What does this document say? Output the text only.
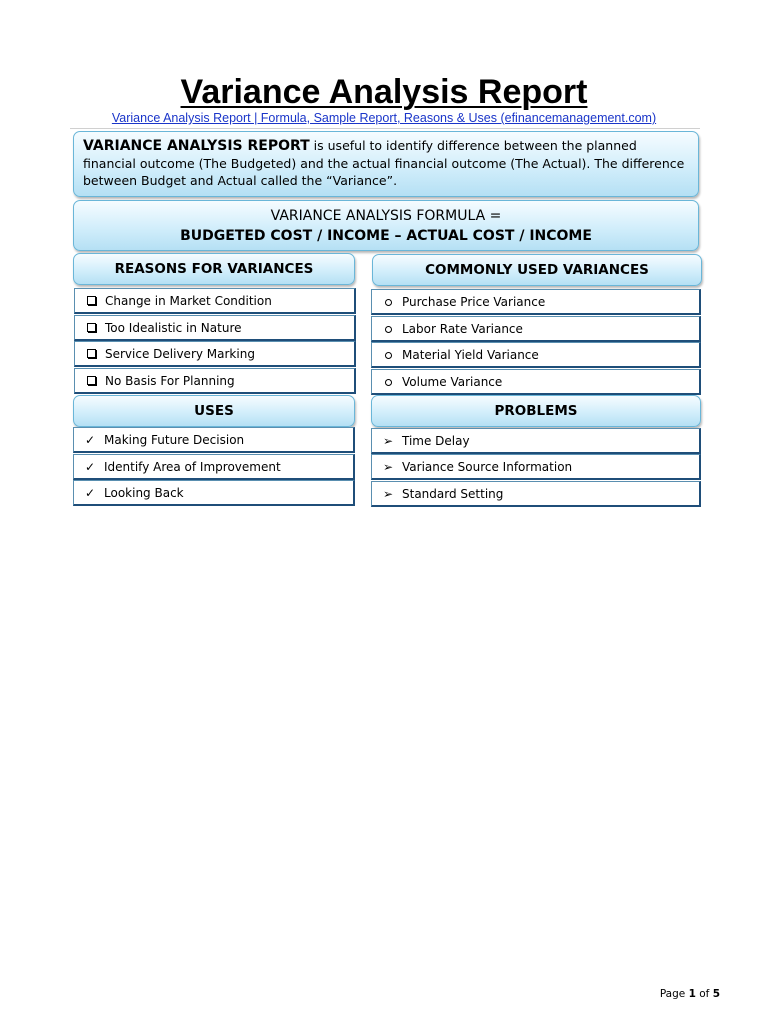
Variance Analysis Report
Variance Analysis Report | Formula, Sample Report, Reasons & Uses (efinancemanagement.com)
VARIANCE ANALYSIS REPORT is useful to identify difference between the planned financial outcome (The Budgeted) and the actual financial outcome (The Actual). The difference between Budget and Actual called the “Variance”.
VARIANCE ANALYSIS FORMULA =
BUDGETED COST / INCOME – ACTUAL COST / INCOME
REASONS FOR VARIANCES
Change in Market Condition
Too Idealistic in Nature
Service Delivery Marking
No Basis For Planning
COMMONLY USED VARIANCES
Purchase Price Variance
Labor Rate Variance
Material Yield Variance
Volume Variance
USES
✓ Making Future Decision
✓ Identify Area of Improvement
✓ Looking Back
PROBLEMS
➢ Time Delay
➢ Variance Source Information
➢ Standard Setting
Page 1 of 5
